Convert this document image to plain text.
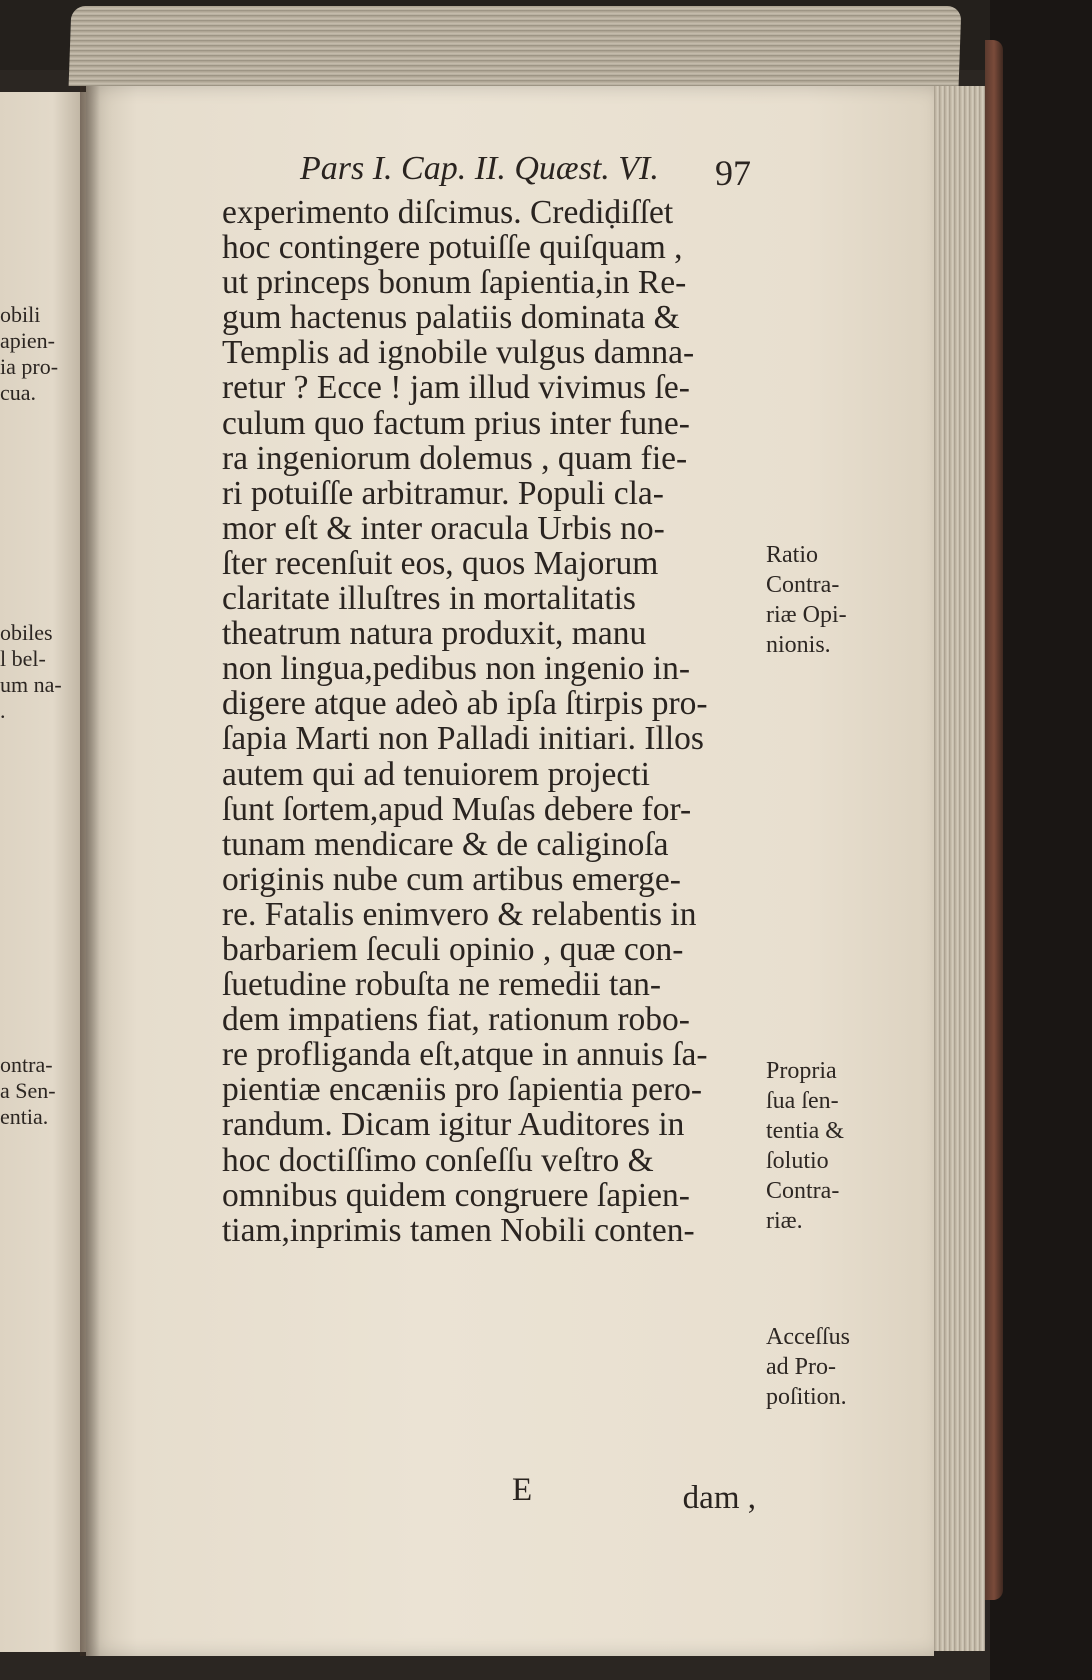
obili
apien-
ia pro-
cua.
obiles
l bel-
um na-
.
ontra-
a Sen-
entia.

Pars I. Cap. II. Quæst. VI.	97

experimento diſcimus. Crediḍiſſet
hoc contingere potuiſſe quiſquam ,
ut princeps bonum ſapientia,in Re-
gum hactenus palatiis dominata &
Templis ad ignobile vulgus damna-
retur ? Ecce ! jam illud vivimus ſe-
culum quo factum prius inter fune-
ra ingeniorum dolemus , quam fie-
ri potuiſſe arbitramur. Populi cla-
mor eſt & inter oracula Urbis no-
ſter recenſuit eos, quos Majorum
claritate illuſtres in mortalitatis
theatrum natura produxit, manu
non lingua,pedibus non ingenio in-
digere atque adeò ab ipſa ſtirpis pro-
ſapia Marti non Palladi initiari. Illos
autem qui ad tenuiorem projecti
ſunt ſortem,apud Muſas debere for-
tunam mendicare & de caliginoſa
originis nube cum artibus emerge-
re. Fatalis enimvero & relabentis in
barbariem ſeculi opinio , quæ con-
ſuetudine robuſta ne remedii tan-
dem impatiens fiat, rationum robo-
re profliganda eſt,atque in annuis ſa-
pientiæ encæniis pro ſapientia pero-
randum. Dicam igitur Auditores in
hoc doctiſſimo conſeſſu veſtro &
omnibus quidem congruere ſapien-
tiam,inprimis tamen Nobili conten-
E	dam ,
Ratio
Contra-
riæ Opi-
nionis.
Propria
ſua ſen-
tentia &
ſolutio
Contra-
riæ.
Acceſſus
ad Pro-
poſition.
